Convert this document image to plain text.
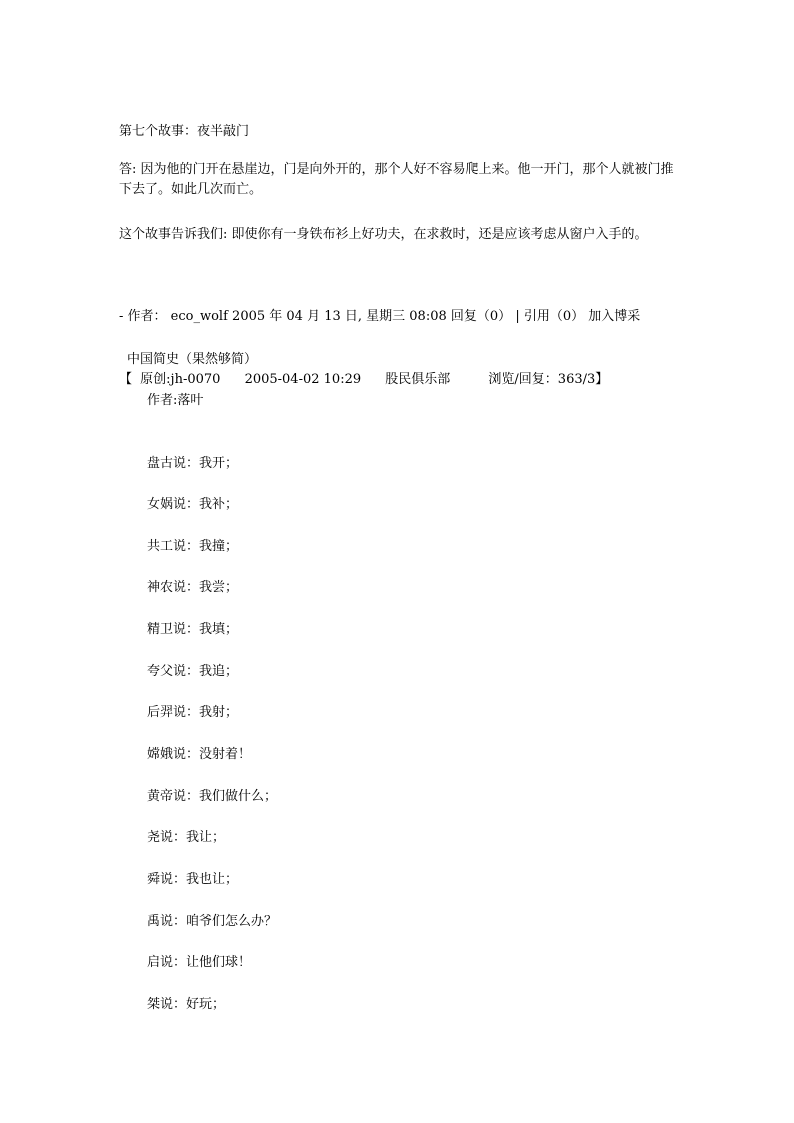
第七个故事：夜半敲门
答: 因为他的门开在悬崖边，门是向外开的，那个人好不容易爬上来。他一开门，那个人就被门推下去了。如此几次而亡。
这个故事告诉我们: 即使你有一身铁布衫上好功夫，在求救时，还是应该考虑从窗户入手的。
- 作者： eco_wolf 2005 年 04 月 13 日, 星期三 08:08 回复（0） | 引用（0） 加入博采
中国简史（果然够简）
【 原创:jh-0070 2005-04-02 10:29 股民俱乐部	浏览/回复：363/3】
作者:落叶
盘古说：我开；
女娲说：我补；
共工说：我撞；
神农说：我尝；
精卫说：我填；
夸父说：我追；
后羿说：我射；
嫦娥说：没射着！
黄帝说：我们做什么；
尧说：我让；
舜说：我也让；
禹说：咱爷们怎么办？
启说：让他们球！
桀说：好玩；
